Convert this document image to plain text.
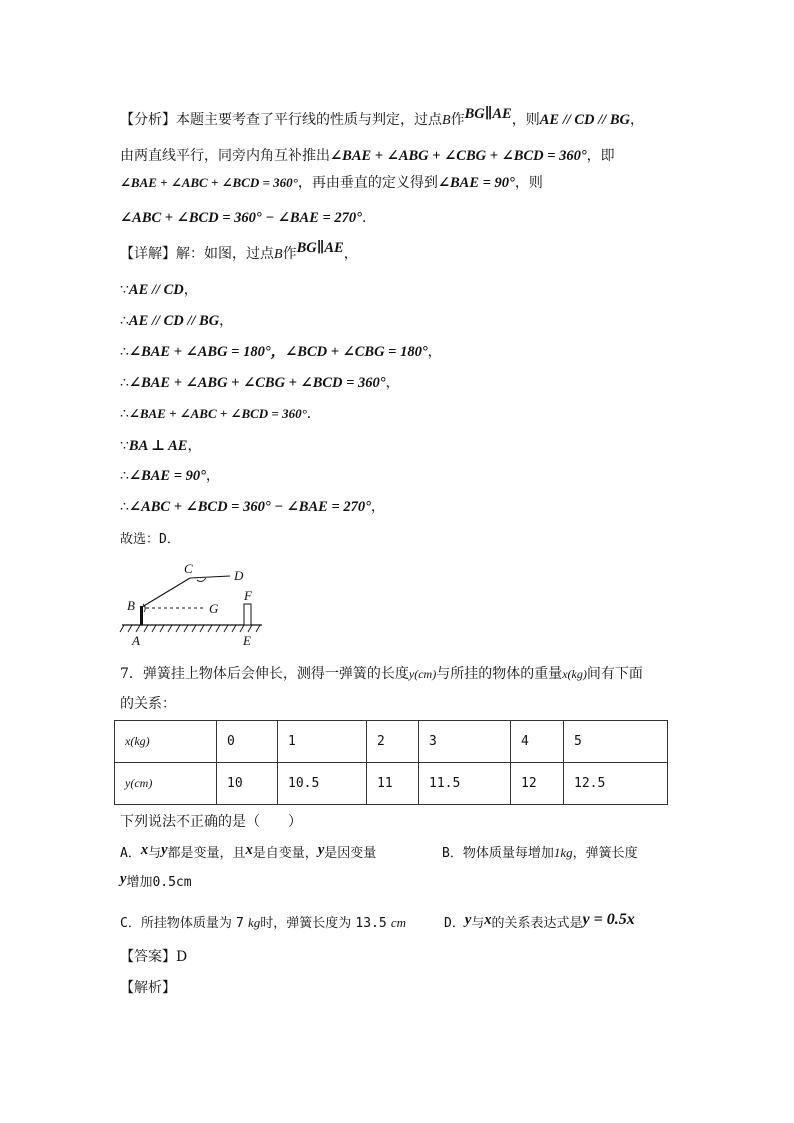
【分析】本题主要考查了平行线的性质与判定，过点B作BG∥AE，则AE // CD // BG，
由两直线平行，同旁内角互补推出∠BAE + ∠ABG + ∠CBG + ∠BCD = 360°，即
∠BAE + ∠ABC + ∠BCD = 360°，再由垂直的定义得到∠BAE = 90°，则
∠ABC + ∠BCD = 360° − ∠BAE = 270°．
【详解】解：如图，过点B作BG∥AE，
∵AE // CD，
∴AE // CD // BG，
∴∠BAE + ∠ABG = 180°，∠BCD + ∠CBG = 180°，
∴∠BAE + ∠ABG + ∠CBG + ∠BCD = 360°，
∴∠BAE + ∠ABC + ∠BCD = 360°．
∵BA ⊥ AE，
∴∠BAE = 90°，
∴∠ABC + ∠BCD = 360° − ∠BAE = 270°，
故选：D．
C	D
B	G
F
A	E
7．弹簧挂上物体后会伸长，测得一弹簧的长度y(cm)与所挂的物体的重量x(kg)间有下面
的关系：
x(kg)	0	1	2	3	4	5
y(cm)	10	10.5	11	11.5	12	12.5
下列说法不正确的是（　　）
A．x与y都是变量，且x是自变量，y是因变量	B．物体质量每增加1kg，弹簧长度
y增加0.5cm
C．所挂物体质量为 7 kg时，弹簧长度为 13.5 cm	D．y与x的关系表达式是y = 0.5x
【答案】D
【解析】
